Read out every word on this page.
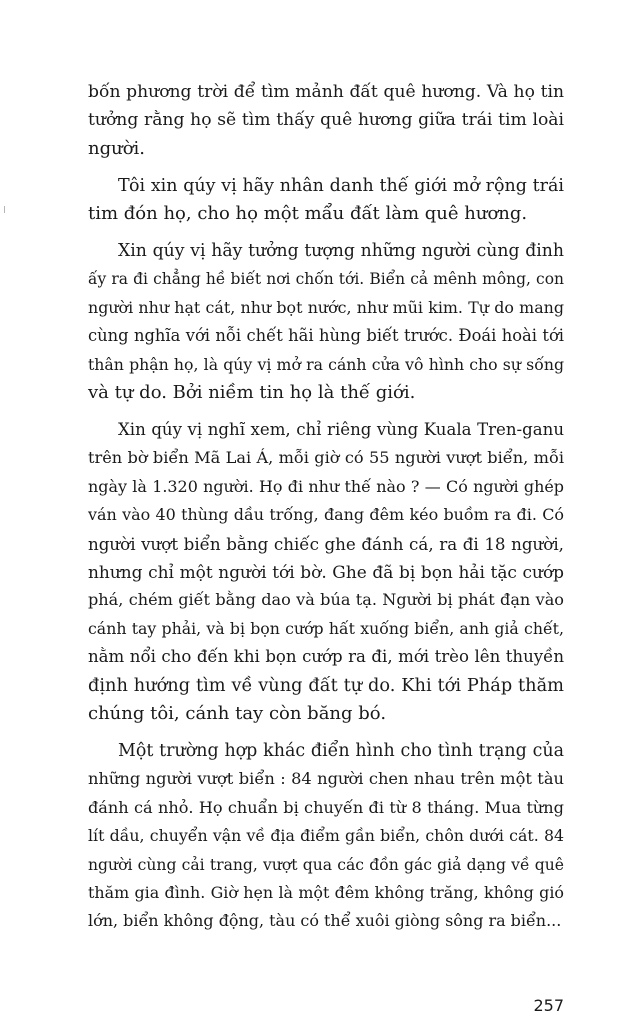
bốn phương trời để tìm mảnh đất quê hương. Và họ tin
tưởng rằng họ sẽ tìm thấy quê hương giữa trái tim loài
người.

Tôi xin qúy vị hãy nhân danh thế giới mở rộng trái
tim đón họ, cho họ một mẩu đất làm quê hương.

Xin qúy vị hãy tưởng tượng những người cùng đinh
ấy ra đi chẳng hề biết nơi chốn tới. Biển cả mênh mông, con
người như hạt cát, như bọt nước, như mũi kim. Tự do mang
cùng nghĩa với nỗi chết hãi hùng biết trước. Đoái hoài tới
thân phận họ, là qúy vị mở ra cánh cửa vô hình cho sự sống
và tự do. Bởi niềm tin họ là thế giới.

Xin qúy vị nghĩ xem, chỉ riêng vùng Kuala Tren-ganu
trên bờ biển Mã Lai Á, mỗi giờ có 55 người vượt biển, mỗi
ngày là 1.320 người. Họ đi như thế nào ? — Có người ghép
ván vào 40 thùng dầu trống, đang đêm kéo buồm ra đi. Có
người vượt biển bằng chiếc ghe đánh cá, ra đi 18 người,
nhưng chỉ một người tới bờ. Ghe đã bị bọn hải tặc cướp
phá, chém giết bằng dao và búa tạ. Người bị phát đạn vào
cánh tay phải, và bị bọn cướp hất xuống biển, anh giả chết,
nằm nổi cho đến khi bọn cướp ra đi, mới trèo lên thuyền
định hướng tìm về vùng đất tự do. Khi tới Pháp thăm
chúng tôi, cánh tay còn băng bó.

Một trường hợp khác điển hình cho tình trạng của
những người vượt biển : 84 người chen nhau trên một tàu
đánh cá nhỏ. Họ chuẩn bị chuyến đi từ 8 tháng. Mua từng
lít dầu, chuyển vận về địa điểm gần biển, chôn dưới cát. 84
người cùng cải trang, vượt qua các đồn gác giả dạng về quê
thăm gia đình. Giờ hẹn là một đêm không trăng, không gió
lớn, biển không động, tàu có thể xuôi giòng sông ra biển...

257
